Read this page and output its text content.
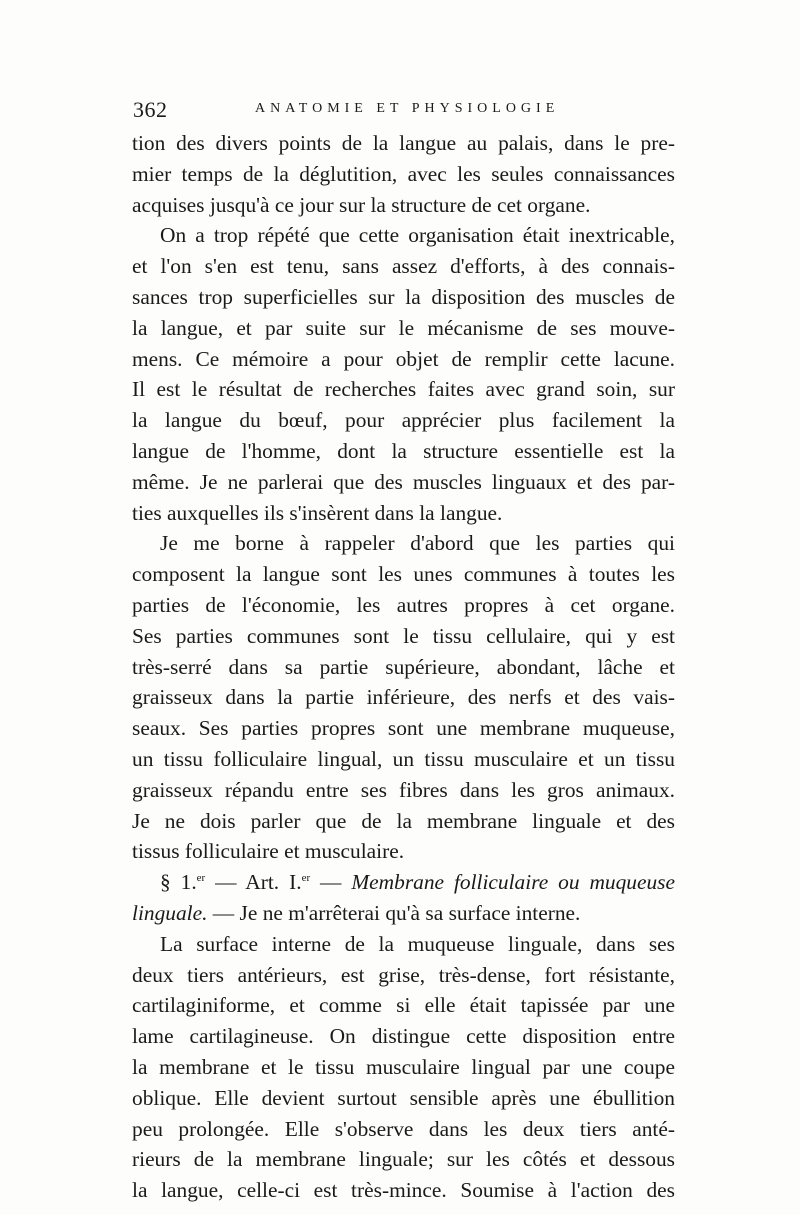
362	ANATOMIE ET PHYSIOLOGIE
tion des divers points de la langue au palais, dans le pre-
mier temps de la déglutition, avec les seules connaissances
acquises jusqu'à ce jour sur la structure de cet organe.
On a trop répété que cette organisation était inextricable,
et l'on s'en est tenu, sans assez d'efforts, à des connais-
sances trop superficielles sur la disposition des muscles de
la langue, et par suite sur le mécanisme de ses mouve-
mens. Ce mémoire a pour objet de remplir cette lacune.
Il est le résultat de recherches faites avec grand soin, sur
la langue du bœuf, pour apprécier plus facilement la
langue de l'homme, dont la structure essentielle est la
même. Je ne parlerai que des muscles linguaux et des par-
ties auxquelles ils s'insèrent dans la langue.
Je me borne à rappeler d'abord que les parties qui
composent la langue sont les unes communes à toutes les
parties de l'économie, les autres propres à cet organe.
Ses parties communes sont le tissu cellulaire, qui y est
très-serré dans sa partie supérieure, abondant, lâche et
graisseux dans la partie inférieure, des nerfs et des vais-
seaux. Ses parties propres sont une membrane muqueuse,
un tissu folliculaire lingual, un tissu musculaire et un tissu
graisseux répandu entre ses fibres dans les gros animaux.
Je ne dois parler que de la membrane linguale et des
tissus folliculaire et musculaire.
§ 1.$^{er}$ — Art. I.$^{er}$ — Membrane folliculaire ou muqueuse
linguale. — Je ne m'arrêterai qu'à sa surface interne.
La surface interne de la muqueuse linguale, dans ses
deux tiers antérieurs, est grise, très-dense, fort résistante,
cartilaginiforme, et comme si elle était tapissée par une
lame cartilagineuse. On distingue cette disposition entre
la membrane et le tissu musculaire lingual par une coupe
oblique. Elle devient surtout sensible après une ébullition
peu prolongée. Elle s'observe dans les deux tiers anté-
rieurs de la membrane linguale; sur les côtés et dessous
la langue, celle-ci est très-mince. Soumise à l'action des
